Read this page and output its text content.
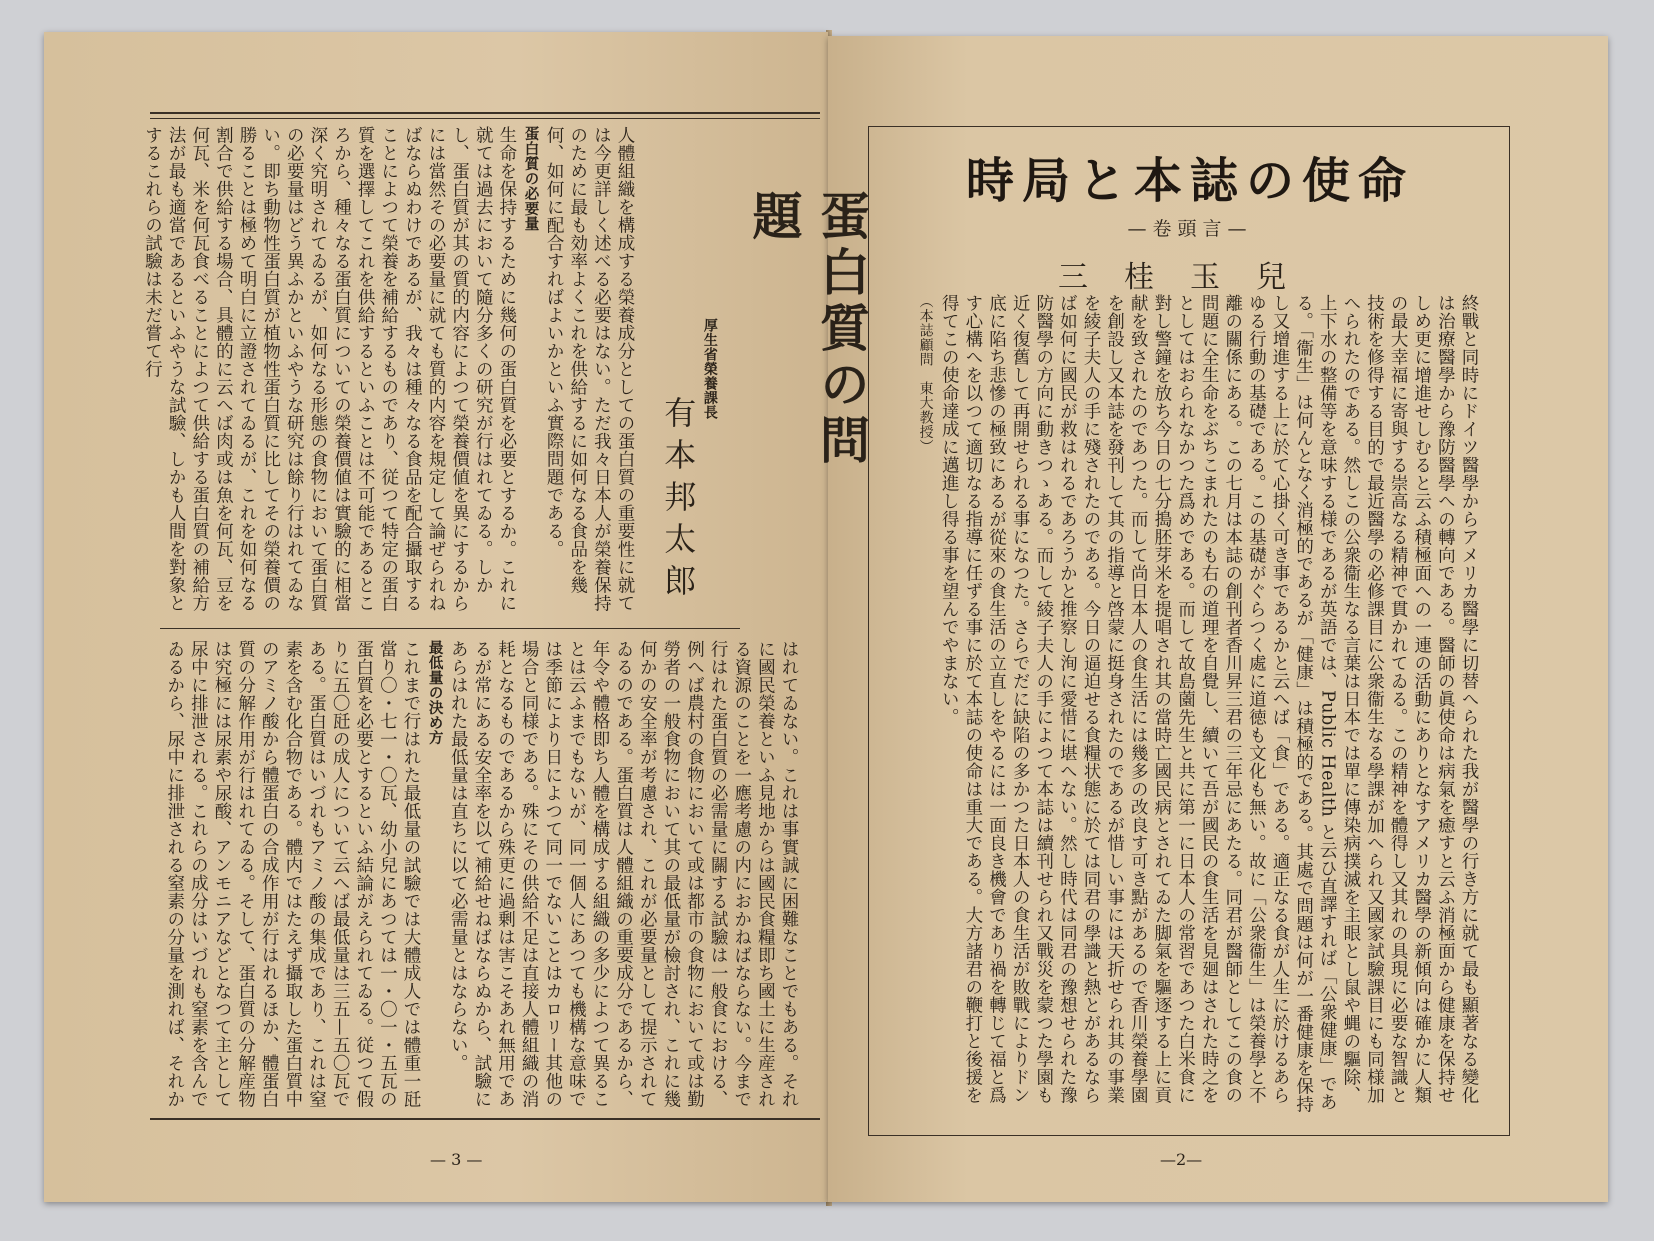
蛋白質の問題
厚生省榮養課長
有本邦太郎
人體組織を構成する榮養成分としての蛋白質の重要性に就ては今更詳しく述べる必要はない。ただ我々日本人が榮養保持のために最も効率よくこれを供給するに如何なる食品を幾何、如何に配合すればよいかといふ實際問題である。
蛋白質の必要量
生命を保持するために幾何の蛋白質を必要とするか。これに就ては過去において隨分多くの研究が行はれてゐる。しかし、蛋白質が其の質的内容によつて榮養價値を異にするからには當然その必要量に就ても質的内容を規定して論ぜられねばならぬわけであるが、我々は種々なる食品を配合攝取することによつて榮養を補給するものであり、従つて特定の蛋白質を選擇してこれを供給するといふことは不可能であるところから、種々なる蛋白質についての榮養價値は實驗的に相當深く究明されてゐるが、如何なる形態の食物において蛋白質の必要量はどう異ふかといふやうな研究は餘り行はれてゐない。即ち動物性蛋白質が植物性蛋白質に比してその榮養價の勝ることは極めて明白に立證されてゐるが、これを如何なる割合で供給する場合、具體的に云へば肉或は魚を何瓦、豆を何瓦、米を何瓦食べることによつて供給する蛋白質の補給方法が最も適當であるといふやうな試驗、しかも人間を對象とするこれらの試驗は未だ嘗て行
はれてゐない。これは事實誠に困難なことでもある。それに國民榮養といふ見地からは國民食糧即ち國土に生産される資源のことを一應考慮の内におかねばならない。今まで行はれた蛋白質の必需量に關する試驗は一般食における、例へば農村の食物において或は都市の食物において或は勤勞者の一般食物において其の最低量が檢討され、これに幾何かの安全率が考慮され、これが必要量として提示されてゐるのである。蛋白質は人體組織の重要成分であるから、年令や體格即ち人體を構成する組織の多少によつて異ることは云ふまでもないが、同一個人にあつても機構な意味では季節により日によつて同一でないことはカロリー其他の場合と同様である。殊にその供給不足は直接人體組織の消耗となるものであるから殊更に過剰は害こそあれ無用であるが常にある安全率を以て補給せねばならぬから、試驗にあらはれた最低量は直ちに以て必需量とはならない。
最低量の決め方
これまで行はれた最低量の試驗では大體成人では體重一瓩當り〇・七一・〇瓦、幼小兒にあつては一・〇一・五瓦の蛋白質を必要とするといふ結論がえられてゐる。従つて假りに五〇瓩の成人について云へば最低量は三五—五〇瓦である。蛋白質はいづれもアミノ酸の集成であり、これは窒素を含む化合物である。體内ではたえず攝取した蛋白質中のアミノ酸から體蛋白の合成作用が行はれるほか、體蛋白質の分解作用が行はれてゐる。そして、蛋白質の分解産物は究極には尿素や尿酸、アンモニアなどとなつて主として尿中に排泄される。これらの成分はいづれも窒素を含んでゐるから、尿中に排泄される窒素の分量を測れば、それか
— 3 —
時局と本誌の使命
—卷頭言—
三桂玉兒
終戰と同時にドイツ醫學からアメリカ醫學に切替へられた我が醫學の行き方に就て最も顯著なる變化は治療醫學から豫防醫學への轉向である。醫師の眞使命は病氣を癒すと云ふ消極面から健康を保持せしめ更に增進せしむると云ふ積極面への一連の活動にありとなすアメリカ醫學の新傾向は確かに人類の最大幸福に寄與する崇高なる精神で貫かれてゐる。この精神を體得し又其れの具現に必要な智識と技術を修得する目的で最近醫學の必修課目に公衆衞生なる學課が加へられ又國家試驗課目にも同様加へられたのである。然しこの公衆衞生なる言葉は日本では單に傳染病撲滅を主眼とし鼠や蝿の驅除、上下水の整備等を意味する様であるが英語では、Public Health と云ひ直譯すれば「公衆健康」である。「衞生」は何んとなく消極的であるが「健康」は積極的である。其處で問題は何が一番健康を保持し又增進する上に於て心掛く可き事であるかと云へば「食」である。適正なる食が人生に於けるあらゆる行動の基礎である。この基礎がぐらつく處に道徳も文化も無い。故に「公衆衞生」は榮養學と不離の關係にある。この七月は本誌の創刊者香川昇三君の三年忌にあたる。同君が醫師としてこの食の問題に全生命をぶちこまれたのも右の道理を自覺し、續いて吾が國民の食生活を見廻はされた時之をとしてはおられなかつた爲めである。而して故島薗先生と共に第一に日本人の常習であつた白米食に對し警鐘を放ち今日の七分搗胚芽米を提唱され其の當時亡國民病とされてゐた脚氣を驅逐する上に貢献を致されたのであつた。而して尚日本人の食生活には幾多の改良す可き點があるので香川榮養學園を創設し又本誌を發刊して其の指導と啓蒙に挺身されたのであるが惜しい事には天折せられ其の事業を綾子夫人の手に殘されたのである。今日の逼迫せる食糧状態に於ては同君の學識と熱とがあるならば如何に國民が救はれるであろうかと推察し洵に愛惜に堪へない。然し時代は同君の豫想せられた豫防醫學の方向に動きつゝある。而して綾子夫人の手によつて本誌は續刊せられ又戰災を蒙つた學園も近く復舊して再開せられる事になつた。さらでだに缺陷の多かつた日本人の食生活が敗戰によりドン底に陷ち悲慘の極致にあるが從來の食生活の立直しをやるには一面良き機會であり禍を轉じて福と爲す心構へを以つて適切なる指導に任ずる事に於て本誌の使命は重大である。大方諸君の鞭打と後援を得てこの使命達成に邁進し得る事を望んでやまない。
（本誌顧問　東大教授）
—2—
